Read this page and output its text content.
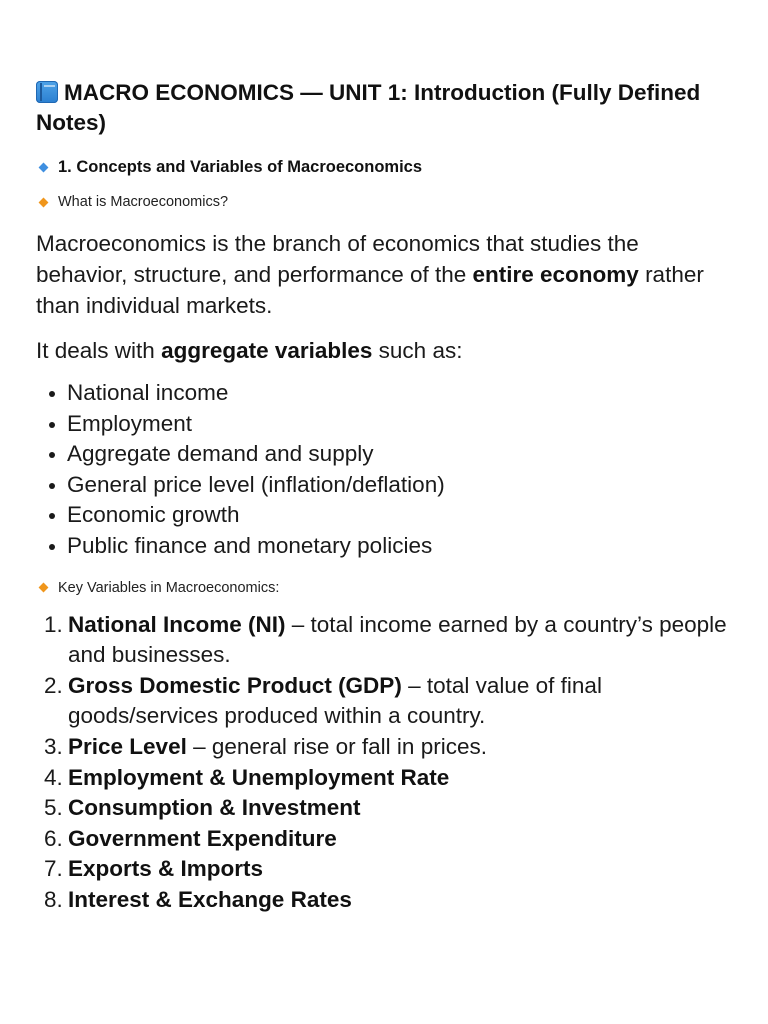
MACRO ECONOMICS — UNIT 1: Introduction (Fully Defined Notes)
1. Concepts and Variables of Macroeconomics
What is Macroeconomics?

Macroeconomics is the branch of economics that studies the behavior, structure, and performance of the entire economy rather than individual markets.

It deals with aggregate variables such as:

National income
Employment
Aggregate demand and supply
General price level (inflation/deflation)
Economic growth
Public finance and monetary policies
Key Variables in Macroeconomics:
1. National Income (NI) – total income earned by a country’s people and businesses.
2. Gross Domestic Product (GDP) – total value of final goods/services produced within a country.
3. Price Level – general rise or fall in prices.
4. Employment & Unemployment Rate
5. Consumption & Investment
6. Government Expenditure
7. Exports & Imports
8. Interest & Exchange Rates
